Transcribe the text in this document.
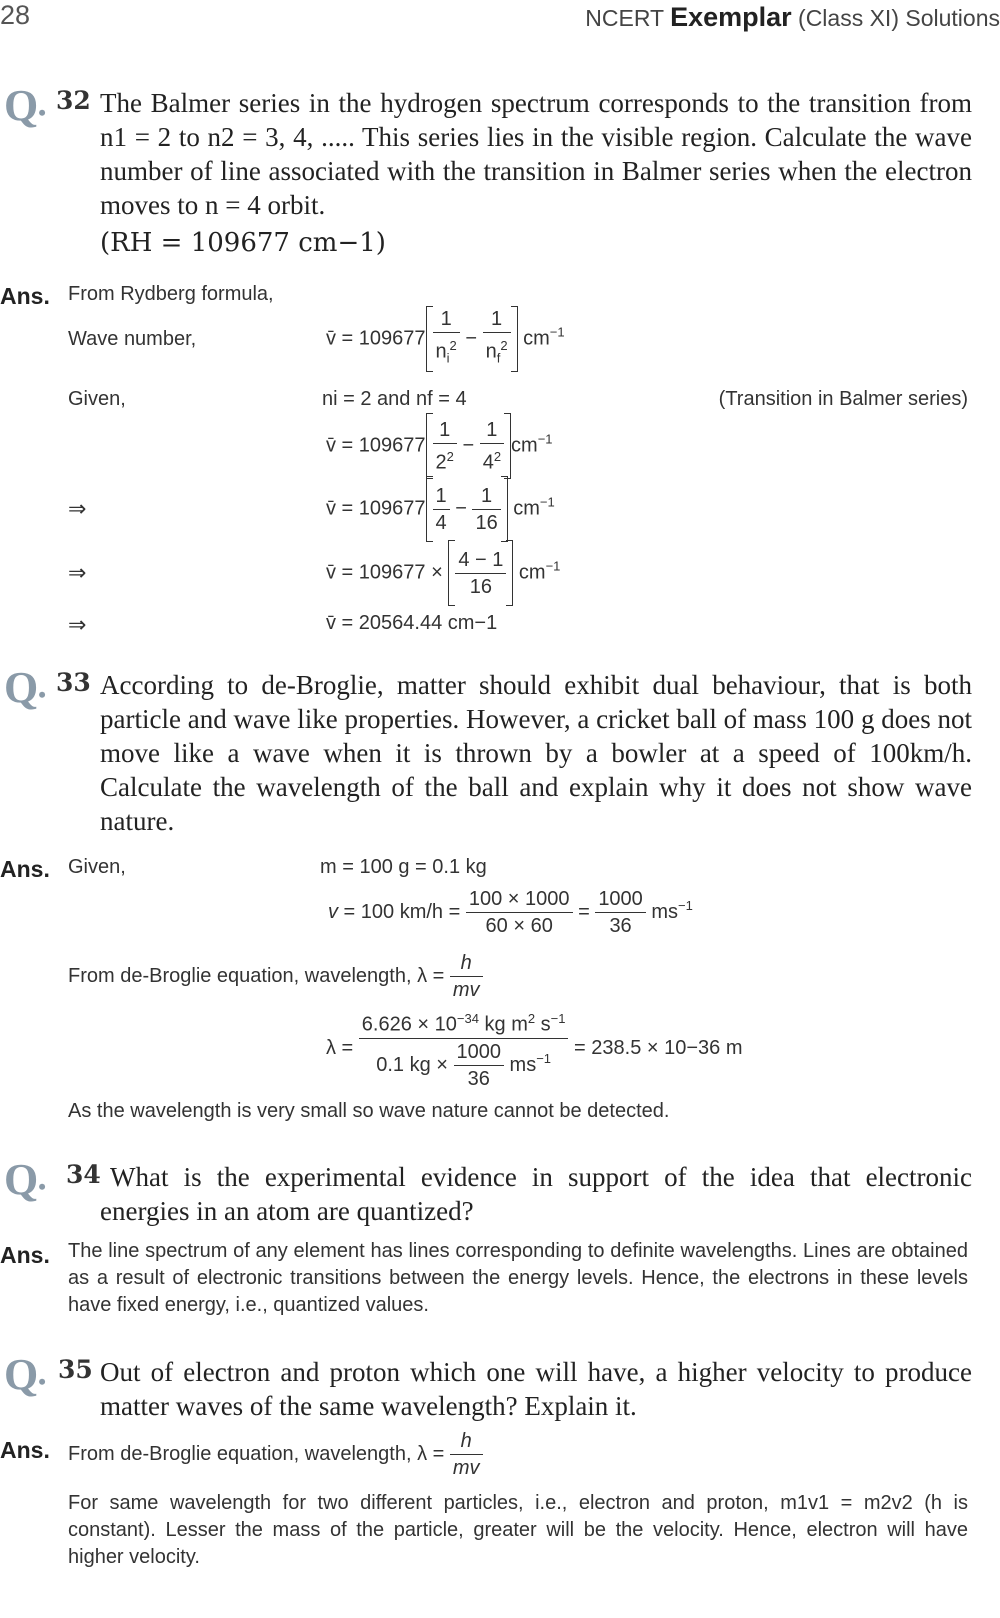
28	NCERT Exemplar (Class XI) Solutions
Q• 32 The Balmer series in the hydrogen spectrum corresponds to the transition from n1 = 2 to n2 = 3, 4, ..... This series lies in the visible region. Calculate the wave number of line associated with the transition in Balmer series when the electron moves to n = 4 orbit.
(RH = 109677 cm−1)
Ans. From Rydberg formula,
Wave number,	v̄ = $109677 \frac{1}{n_i^2} - \frac{1}{n_f^2} cm^{-1}$
Given,	ni = 2 and nf = 4	(Transition in Balmer series)
v̄ = $109677 \frac{1}{2^2} - \frac{1}{4^2} cm^{-1}$
⇒	v̄ = $109677 \frac{1}{4} - \frac{1}{16} cm^{-1}$
⇒	v̄ = $109677 \times \frac{4 - 1}{16} cm^{-1}$
⇒	v̄ = 20564.44 cm−1
Q• 33 According to de-Broglie, matter should exhibit dual behaviour, that is both particle and wave like properties. However, a cricket ball of mass 100 g does not move like a wave when it is thrown by a bowler at a speed of 100km/h. Calculate the wavelength of the ball and explain why it does not show wave nature.
Ans. Given,	m = 100 g = 0.1 kg
v = 100 $km/h = \frac{100 \times 1000}{60 \times 60} = \frac{1000}{36} ms^{-1}$
From de-Broglie equation, wavelength, $\lambda = \frac{h}{mv}$
$\lambda = \frac{6.626 \times 10^{-34} kg m^2 s^{-1}}{0.1 kg \times \frac{1000}{36} ms^{-1}} = 238.5 \times 10-36$ m
As the wavelength is very small so wave nature cannot be detected.
Q• 34 What is the experimental evidence in support of the idea that electronic energies in an atom are quantized?
Ans. The line spectrum of any element has lines corresponding to definite wavelengths. Lines are obtained as a result of electronic transitions between the energy levels. Hence, the electrons in these levels have fixed energy, i.e., quantized values.
Q• 35 Out of electron and proton which one will have, a higher velocity to produce matter waves of the same wavelength? Explain it.
Ans. From de-Broglie equation, wavelength, $\lambda = \frac{h}{mv}$
For same wavelength for two different particles, i.e., electron and proton, m1v1 = m2v2 (h is constant). Lesser the mass of the particle, greater will be the velocity. Hence, electron will have higher velocity.
